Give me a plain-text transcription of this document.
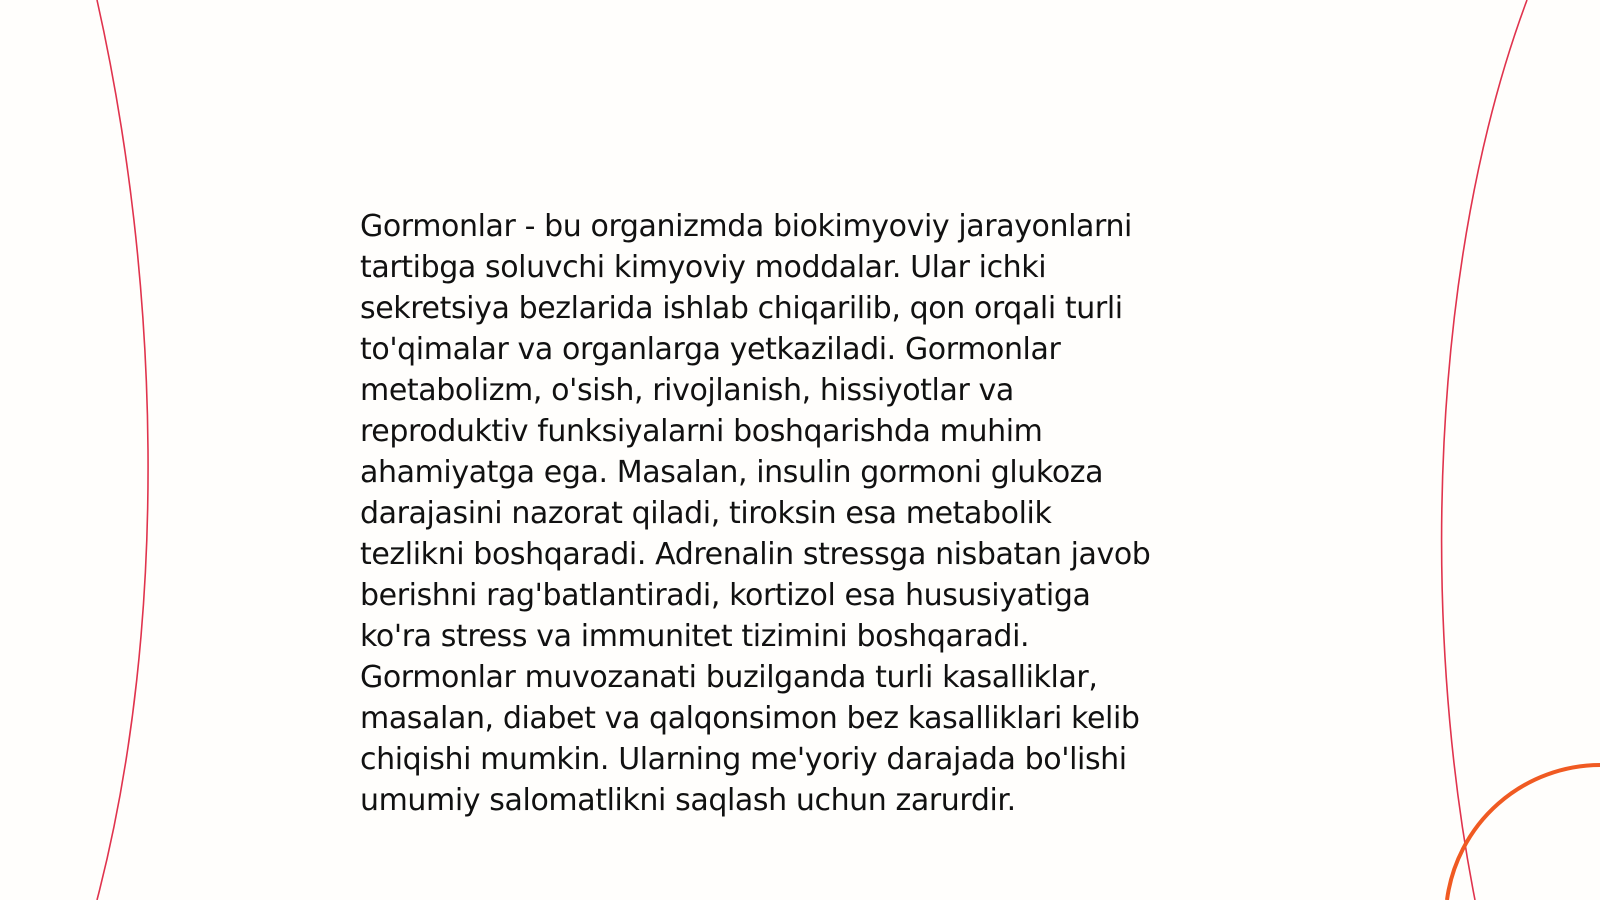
Gormonlar - bu organizmda biokimyoviy jarayonlarni
tartibga soluvchi kimyoviy moddalar. Ular ichki
sekretsiya bezlarida ishlab chiqarilib, qon orqali turli
to'qimalar va organlarga yetkaziladi. Gormonlar
metabolizm, o'sish, rivojlanish, hissiyotlar va
reproduktiv funksiyalarni boshqarishda muhim
ahamiyatga ega. Masalan, insulin gormoni glukoza
darajasini nazorat qiladi, tiroksin esa metabolik
tezlikni boshqaradi. Adrenalin stressga nisbatan javob
berishni rag'batlantiradi, kortizol esa hususiyatiga
ko'ra stress va immunitet tizimini boshqaradi.
Gormonlar muvozanati buzilganda turli kasalliklar,
masalan, diabet va qalqonsimon bez kasalliklari kelib
chiqishi mumkin. Ularning me'yoriy darajada bo'lishi
umumiy salomatlikni saqlash uchun zarurdir.
